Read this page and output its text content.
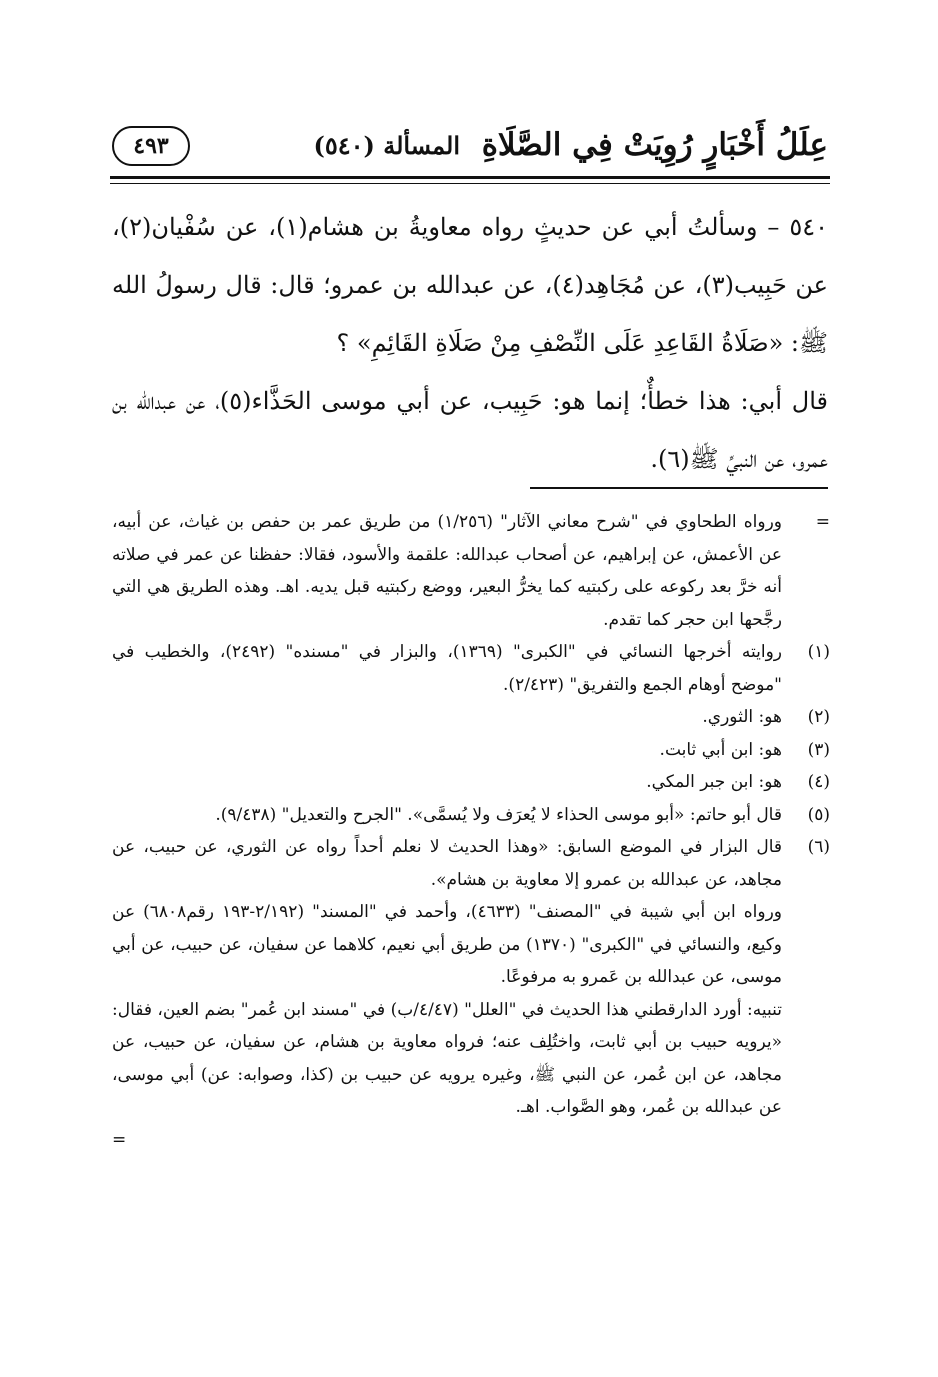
عِلَلُ أَخْبَارٍ رُوِيَتْ فِي الصَّلَاةِ
المسألة (٥٤٠)
٤٩٣

٥٤٠ – وسألتُ أبي عن حديثٍ رواه معاويةُ بن هشام(١)، عن سُفْيان(٢)، عن حَبِيب(٣)، عن مُجَاهِد(٤)، عن عبدالله بن عمرو؛ قال: قال رسولُ الله ﷺ: «صَلَاةُ القَاعِدِ عَلَى النِّصْفِ مِنْ صَلَاةِ القَائِمِ» ؟

قال أبي: هذا خطأٌ؛ إنما هو: حَبِيب، عن أبي موسى الحَذَّاء(٥)، عن عبدالله بن عمرو، عن النبيِّ ﷺ(٦).

=
ورواه الطحاوي في "شرح معاني الآثار" (١/٢٥٦) من طريق عمر بن حفص بن غياث، عن أبيه، عن الأعمش، عن إبراهيم، عن أصحاب عبدالله: علقمة والأسود، فقالا: حفظنا عن عمر في صلاته أنه خرَّ بعد ركوعه على ركبتيه كما يخرُّ البعير، ووضع ركبتيه قبل يديه. اهـ. وهذه الطريق هي التي رجَّحها ابن حجر كما تقدم.
(١)
روايته أخرجها النسائي في "الكبرى" (١٣٦٩)، والبزار في "مسنده" (٢٤٩٢)، والخطيب في "موضح أوهام الجمع والتفريق" (٢/٤٢٣).
(٢)
هو: الثوري.
(٣)
هو: ابن أبي ثابت.
(٤)
هو: ابن جبر المكي.
(٥)
قال أبو حاتم: «أبو موسى الحذاء لا يُعرَف ولا يُسمَّى». "الجرح والتعديل" (٩/٤٣٨).
(٦)
قال البزار في الموضع السابق: «وهذا الحديث لا نعلم أحداً رواه عن الثوري، عن حبيب، عن مجاهد، عن عبدالله بن عمرو إلا معاوية بن هشام».
ورواه ابن أبي شيبة في "المصنف" (٤٦٣٣)، وأحمد في "المسند" (٢/١٩٢-١٩٣ رقم٦٨٠٨) عن وكيع، والنسائي في "الكبرى" (١٣٧٠) من طريق أبي نعيم، كلاهما عن سفيان، عن حبيب، عن أبي موسى، عن عبدالله بن عَمرو به مرفوعًا.
تنبيه: أورد الدارقطني هذا الحديث في "العلل" (٤/٤٧/ب) في "مسند ابن عُمر" بضم العين، فقال: «يرويه حبيب بن أبي ثابت، واختُلِف عنه؛ فرواه معاوية بن هشام، عن سفيان، عن حبيب، عن مجاهد، عن ابن عُمر، عن النبي ﷺ، وغيره يرويه عن حبيب بن (كذا، وصوابه: عن) أبي موسى، عن عبدالله بن عُمر، وهو الصَّواب. اهـ.
=
